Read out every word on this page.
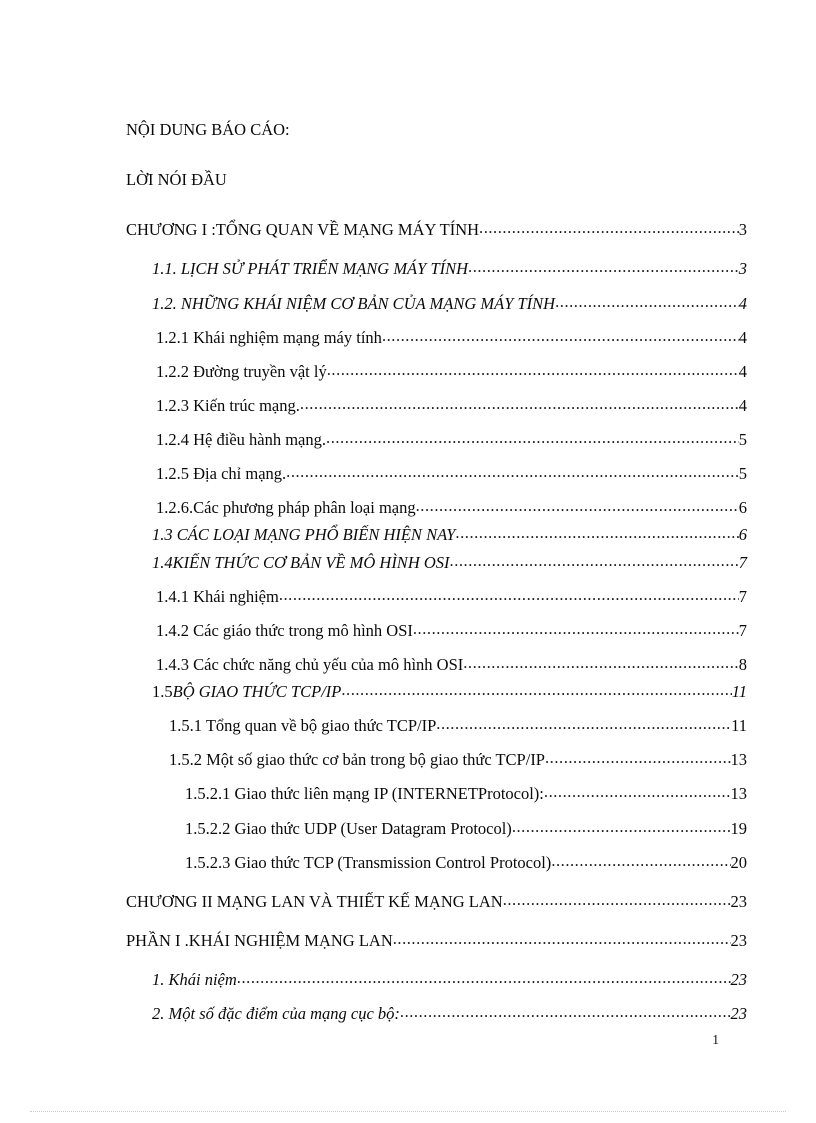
NỘI DUNG BÁO CÁO:
LỜI NÓI ĐẦU
CHƯƠNG I :TỔNG QUAN VỀ MẠNG MÁY TÍNH .....	3
1.1. LỊCH SỬ PHÁT TRIỂN MẠNG MÁY TÍNH .....	3
1.2. NHỮNG KHÁI NIỆM CƠ BẢN CỦA MẠNG MÁY TÍNH .....	4
1.2.1 Khái nghiệm mạng máy tính .....	4
1.2.2 Đường truyền vật lý .....	4
1.2.3 Kiến trúc mạng. .....	4
1.2.4 Hệ điều hành mạng. .....	5
1.2.5 Địa chỉ mạng. .....	5
1.2.6.Các phương pháp phân loại mạng .....	6
1.3 CÁC LOẠI MẠNG PHỔ BIẾN HIỆN NAY .....	6
1.4KIẾN THỨC CƠ BẢN VỀ MÔ HÌNH OSI .....	7
1.4.1 Khái nghiệm .....	7
1.4.2 Các giáo thức trong mô hình OSI .....	7
1.4.3 Các chức năng chủ yếu của mô hình OSI .....	8
1.5 BỘ GIAO THỨC TCP/IP .....	11
1.5.1 Tổng quan về bộ giao thức TCP/IP .....	11
1.5.2 Một số giao thức cơ bản trong bộ giao thức TCP/IP .....	13
1.5.2.1 Giao thức liên mạng IP (INTERNETProtocol): .....	13
1.5.2.2 Giao thức UDP (User Datagram Protocol) .....	19
1.5.2.3 Giao thức TCP (Transmission Control Protocol) .....	20
CHƯƠNG II MẠNG LAN VÀ THIẾT KẾ MẠNG LAN .....	23
PHẦN I .KHÁI NGHIỆM MẠNG LAN .....	23
1. Khái niệm .....	23
2. Một số đặc điểm của mạng cục bộ: .....	23
1
